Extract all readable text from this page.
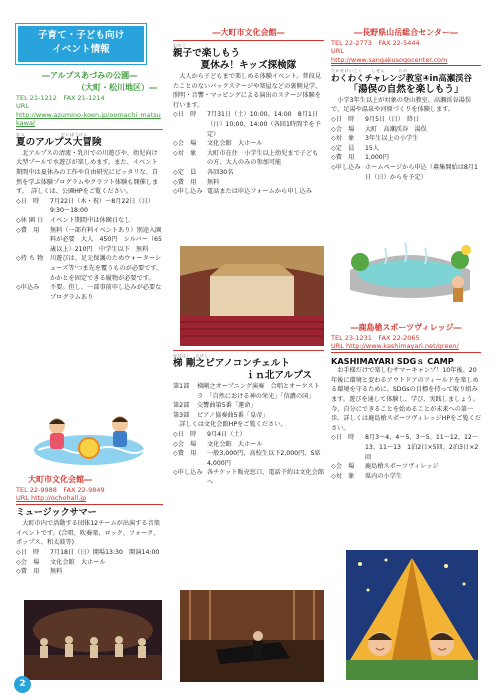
子育て・子ども向け
イベント情報
―アルプスあづみの公園―
（大町・松川地区）―
TEL 21-1212　FAX 21-1214
URL
http://www.azumino-koen.jp/oomachi_matsukawa/
なつ　　　　　　　　だいぼうけん
夏のアルプス大冒険
北アルプスの清流・乳川での川遊びや、幼児向け大型プールで水遊びが楽しめます。また、イベント期間中は夏休みの工作や自由研究にピッタリな、自然を学ぶ体験プログラムやクラフト体験も開催します。　詳しくは、公園HPをご覧ください。
◇日　時	7月22日（木・祝）～8月22日（日）9:30～18:00
◇休 園 日	イベント期間中は休園日なし
◇費　用	無料（一部有料イベントあり）別途入園料が必要　大人　450円　シルバー（65歳以上）210円　中学生以下　無料
◇持 ち 物	川遊びは、足元保護のためウォーターシューズ等'つま先を覆うものが必要です。かかとを固定できる履物が必要です。
◇申込み	不要。但し、一部事前申し込みが必要なプログラムあり
大町市文化会館―
TEL 22-9988　FAX 22-9849
URL http://ochohall.jp
ミュージックサマー
大町市内で活動する団体12チームが出演する音楽イベントです。(合唱、吹奏楽、ロック、フォーク、ポップス、和太鼓等)
◇日　時	7月18日（日）開場13:30　開演14:00
◇会　場	文化会館　大ホール
◇費　用	無料
―大町市文化会館―
おやこ
親子で楽しもう
夏休み！キッズ探検隊
大人から子どもまで楽しめる体験イベント。普段見たことのないバックステージや楽屋などの裏側見学、照明・音響・マッピングによる演出のステージ体験を行います。
◇日　時	7月31日（土）10:00、14:00　8月1日（日）10:00、14:00（各回1時間半を予定）
◇会　場	文化会館　大ホール
◇対　象	大町市在住　小学生以上幼児まで子どもの方、大人のみの参加可能
◇定　員	各回30名
◇費　用	無料
◇申し込み	電話または申込フォームから申し込み
かけはし　たけし
梯 剛之ピアノコンチェルト
ｉｎ北アルプス
第1部	梯剛之オープニング演奏　合唱とオーケストラ　「自然における神の栄光」「信濃の国」
第2部	交響曲第5番「運命」
第3部	ピアノ協奏曲5番「皇帝」
詳しくは文化会館HPをご覧ください。
◇日　時	9月4日（土）
◇会　場	文化会館　大ホール
◇費　用	一般3,000円、高校生以下2,000円、S席4,000円
◇申し込み	各チケット販売窓口、電話予約は文化会館へ
―長野県山岳総合センター―
TEL 22-2773　FAX 22-5444
URL
http://www.sangakusogocenter.com
たかせけいこく　　しぜん　　　たの
わくわくチャレンジ教室④in高瀬渓谷
「湯俣の自然を楽しもう」
小学3年生以上が対象の登山教室。高瀬渓谷湯俣で、足湯や温泉や河原づくりを体験します。
◇日　時	9月5日（日）　終日
◇会　場	大町　高瀬渓谷　湯俣
◇対　象	3年生以上の小学生
◇定　員	15人
◇費　用	1,000円
◇申し込み	ホームページから申込（募集開始は8月1日（日）からを予定）
―鹿島槍スポーツヴィレッジ―
TEL 23-1231　FAX 22-2065
URL http://www.kashimayari.net/green/
KASHIMAYARI SDGｓ CAMP
お手様だけで楽しむサマーキャンプ！10年後、20年後に環境と変わるアウトドアのフィールドを楽しめる環境を守るために、SDGsの目標を持って取り組みます。遊びを通して体験し、学び、実践しましょう。今、自分にできることを始めることが未来への第一歩。詳しくは鹿島槍スポーツヴィレッジHPをご覧ください。
◇日　時	8月3～4、4～5、3～5、11～12、12～13、11～13　1泊2日×5回、2泊3日×2回
◇会　場	鹿島槍スポーツヴィレッジ
◇対　象	県内の小学生
2
